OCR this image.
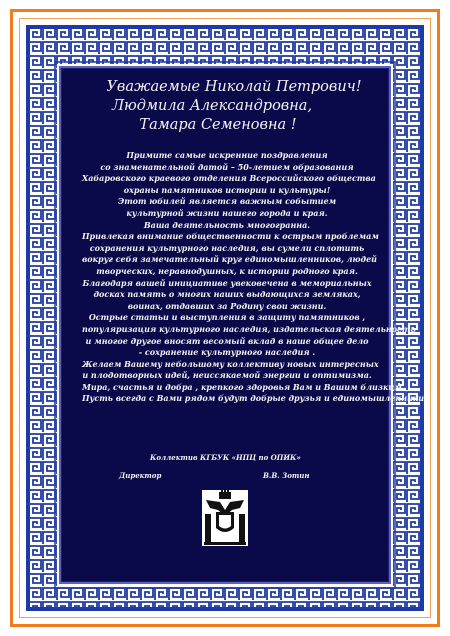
Уважаемые Николай Петрович!
Людмила Александровна,
Тамара Семеновна !
Примите самые искренние поздравления
со знаменательной датой – 50-летием образования
Хабаровского краевого отделения Всероссийского общества
охраны памятников истории и культуры!
Этот юбилей является важным событием
культурной жизни нашего города и края.
Ваша деятельность многогранна.
Привлекая внимание общественности к острым проблемам
сохранения культурного наследия, вы сумели сплотить
вокруг себя замечательный круг единомышленников, людей
творческих, неравнодушных, к истории родного края.
Благодаря вашей инициативе увековечена в мемориальных
досках память о многих наших выдающихся земляках,
воинах, отдавших за Родину свои жизни.
Острые статьи и выступления в защиту памятников ,
популяризация культурного наследия, издательская деятельность
и многое другое вносят весомый вклад в наше общее дело
- сохранение культурного наследия .
Желаем Вашему небольшому коллективу новых интересных
и плодотворных идей, неиссякаемой энергии и оптимизма.
Мира, счастья и добра , крепкого здоровья Вам и Вашим близким.
Пусть всегда с Вами рядом будут добрые друзья и единомышленники.
Коллектив КГБУК «НПЦ по ОПИК»
Директор	В.В. Зотин
